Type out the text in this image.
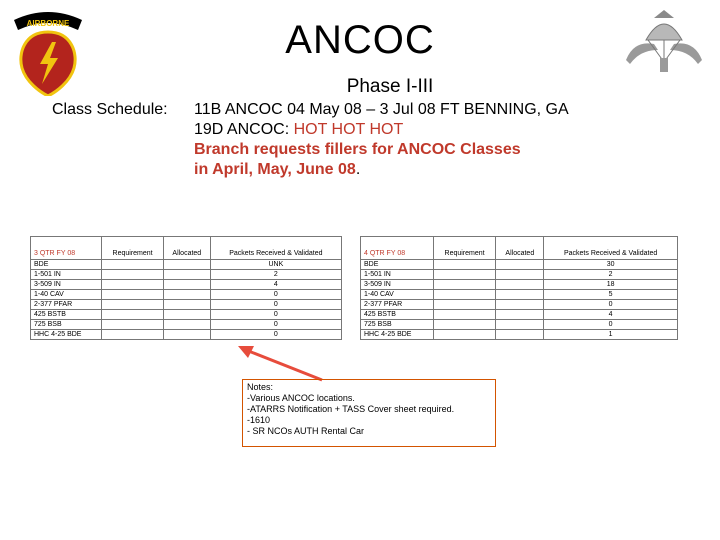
AIRBORNE	ANCOC
Phase I-III
Class Schedule: 11B ANCOC 04 May 08 – 3 Jul 08 FT BENNING, GA
19D ANCOC: HOT HOT HOT
Branch requests fillers for ANCOC Classes
in April, May, June 08.
3 QTR FY 08	Requirement	Allocated	Packets Received & Validated
BDE			UNK
1-501 IN			2
3-509 IN			4
1-40 CAV			0
2-377 PFAR			0
425 BSTB			0
725 BSB			0
HHC 4-25 BDE			0
4 QTR FY 08	Requirement	Allocated	Packets Received & Validated
BDE			30
1-501 IN			2
3-509 IN			18
1-40 CAV			5
2-377 PFAR			0
425 BSTB			4
725 BSB			0
HHC 4-25 BDE			1
Notes:
-Various ANCOC locations.
-ATARRS Notification + TASS Cover sheet required.
-1610
- SR NCOs AUTH Rental Car
